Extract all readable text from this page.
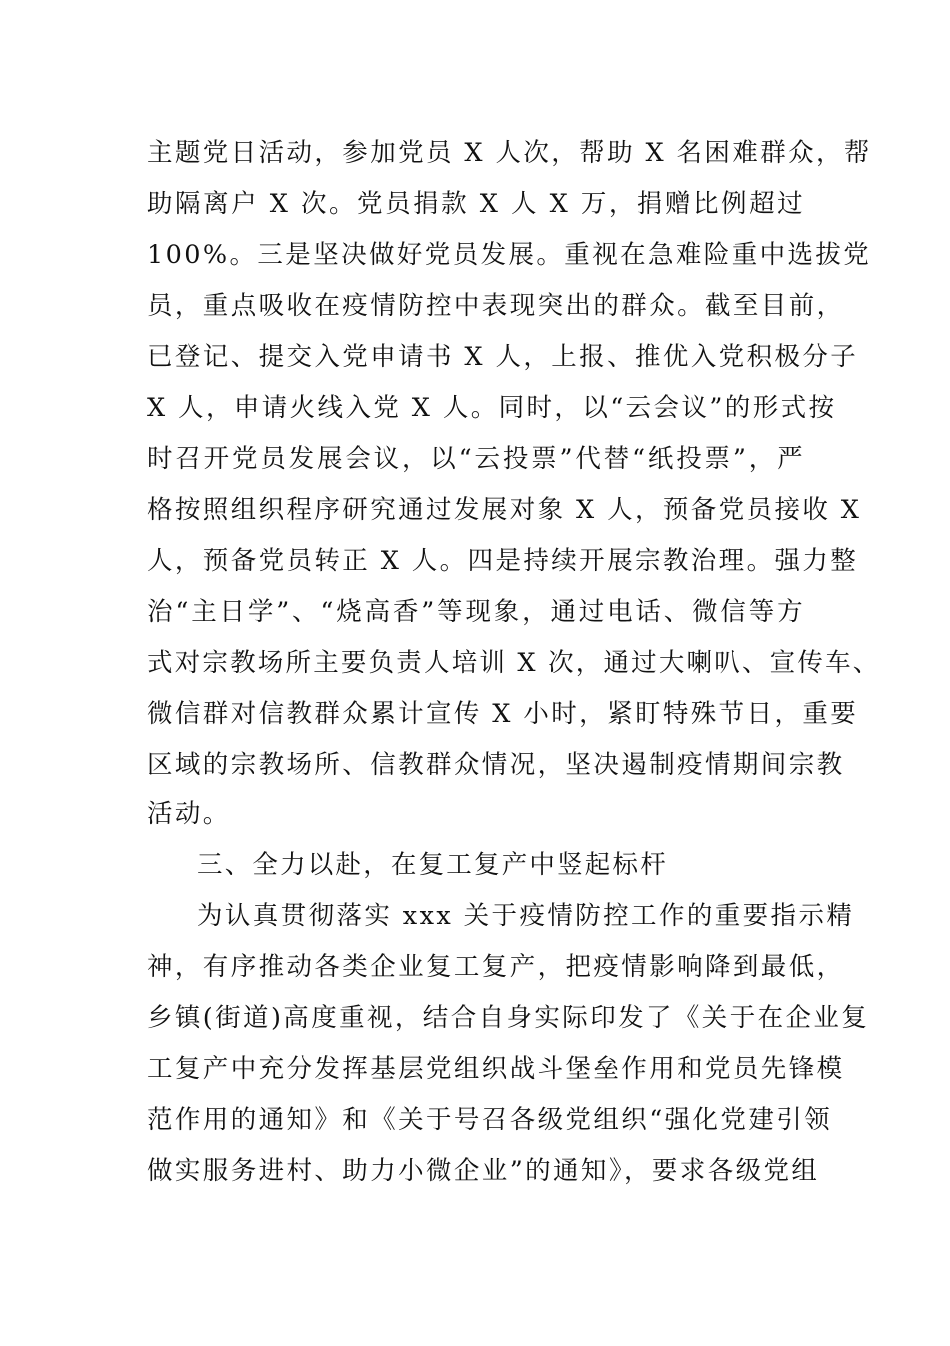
主题党日活动，参加党员 X 人次，帮助 X 名困难群众，帮
助隔离户 X 次。党员捐款 X 人 X 万，捐赠比例超过
100%。三是坚决做好党员发展。重视在急难险重中选拔党
员，重点吸收在疫情防控中表现突出的群众。截至目前，
已登记、提交入党申请书 X 人，上报、推优入党积极分子
X 人，申请火线入党 X 人。同时，以“云会议”的形式按
时召开党员发展会议，以“云投票”代替“纸投票”，严
格按照组织程序研究通过发展对象 X 人，预备党员接收 X
人，预备党员转正 X 人。四是持续开展宗教治理。强力整
治“主日学”、“烧高香”等现象，通过电话、微信等方
式对宗教场所主要负责人培训 X 次，通过大喇叭、宣传车、
微信群对信教群众累计宣传 X 小时，紧盯特殊节日，重要
区域的宗教场所、信教群众情况，坚决遏制疫情期间宗教
活动。
三、全力以赴，在复工复产中竖起标杆
为认真贯彻落实 xxx 关于疫情防控工作的重要指示精
神，有序推动各类企业复工复产，把疫情影响降到最低，
乡镇(街道)高度重视，结合自身实际印发了《关于在企业复
工复产中充分发挥基层党组织战斗堡垒作用和党员先锋模
范作用的通知》和《关于号召各级党组织“强化党建引领
做实服务进村、助力小微企业”的通知》，要求各级党组
